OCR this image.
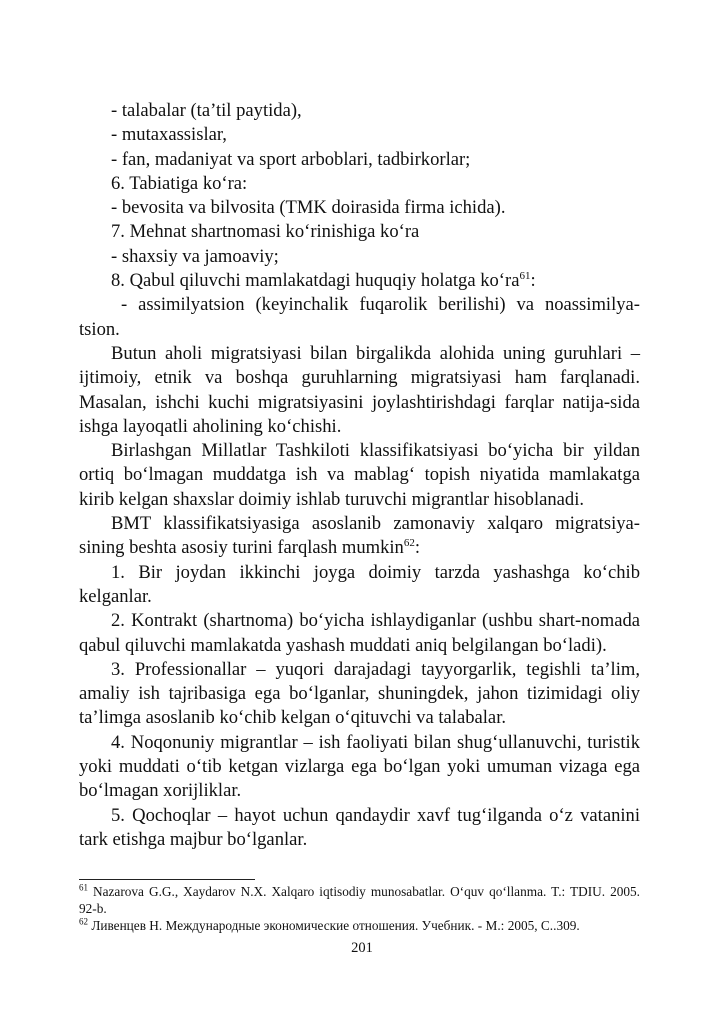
- talabalar (ta’til paytida),

- mutaxassislar,

- fan, madaniyat va sport arboblari, tadbirkorlar;

6. Tabiatiga ko‘ra:

- bevosita va bilvosita (TMK doirasida firma ichida).

7. Mehnat shartnomasi ko‘rinishiga ko‘ra

- shaxsiy va jamoaviy;

8. Qabul qiluvchi mamlakatdagi huquqiy holatga $ko‘ra^{61}$:

- assimilyatsion (keyinchalik fuqarolik berilishi) va noassimilya-tsion.

Butun aholi migratsiyasi bilan birgalikda alohida uning guruhlari – ijtimoiy, etnik va boshqa guruhlarning migratsiyasi ham farqlanadi. Masalan, ishchi kuchi migratsiyasini joylashtirishdagi farqlar natija-sida ishga layoqatli aholining ko‘chishi.

Birlashgan Millatlar Tashkiloti klassifikatsiyasi bo‘yicha bir yildan ortiq bo‘lmagan muddatga ish va mablag‘ topish niyatida mamlakatga kirib kelgan shaxslar doimiy ishlab turuvchi migrantlar hisoblanadi.

BMT klassifikatsiyasiga asoslanib zamonaviy xalqaro migratsiya-sining beshta asosiy turini farqlash mumkin$^{62}$:

1. Bir joydan ikkinchi joyga doimiy tarzda yashashga ko‘chib kelganlar.

2. Kontrakt (shartnoma) bo‘yicha ishlaydiganlar (ushbu shart-nomada qabul qiluvchi mamlakatda yashash muddati aniq belgilangan bo‘ladi).

3. Professionallar – yuqori darajadagi tayyorgarlik, tegishli ta’lim, amaliy ish tajribasiga ega bo‘lganlar, shuningdek, jahon tizimidagi oliy ta’limga asoslanib ko‘chib kelgan o‘qituvchi va talabalar.

4. Noqonuniy migrantlar – ish faoliyati bilan shug‘ullanuvchi, turistik yoki muddati o‘tib ketgan vizlarga ega bo‘lgan yoki umuman vizaga ega bo‘lmagan xorijliklar.

5. Qochoqlar – hayot uchun qandaydir xavf tug‘ilganda o‘z vatanini tark etishga majbur bo‘lganlar.

$^{61}$ Nazarova G.G., Xaydarov N.X. Xalqaro iqtisodiy munosabatlar. O‘quv qo‘llanma. T.: TDIU. 2005. 92-b.

$^{62}$ Ливенцев Н. Международные экономические отношения. Учебник. - М.: 2005, С..309.

201
